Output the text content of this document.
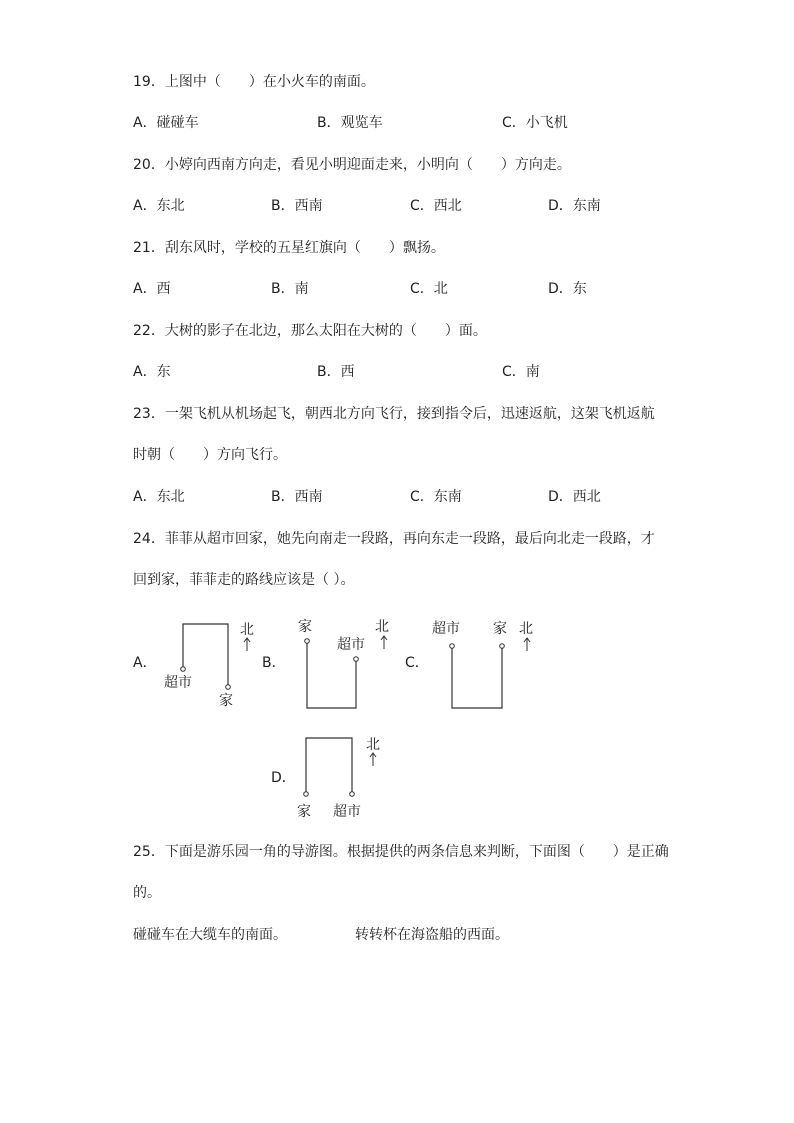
19．上图中（　　）在小火车的南面。
A．碰碰车	B．观览车	C．小飞机
20．小婷向西南方向走，看见小明迎面走来，小明向（　　）方向走。
A．东北	B．西南	C．西北	D．东南
21．刮东风时，学校的五星红旗向（　　）飘扬。
A．西	B．南	C．北	D．东
22．大树的影子在北边，那么太阳在大树的（　　）面。
A．东	B．西	C．南
23．一架飞机从机场起飞，朝西北方向飞行，接到指令后，迅速返航，这架飞机返航
时朝（　　）方向飞行。
A．东北	B．西南	C．东南	D．西北
24．菲菲从超市回家，她先向南走一段路，再向东走一段路，最后向北走一段路，才
回到家，菲菲走的路线应该是（ ）。
A．	B．	C．
D．
超市
家
北	家
超市
北	超市 家 北
家 超市
北
25．下面是游乐园一角的导游图。根据提供的两条信息来判断，下面图（　　）是正确
的。
碰碰车在大缆车的南面。	转转杯在海盗船的西面。
